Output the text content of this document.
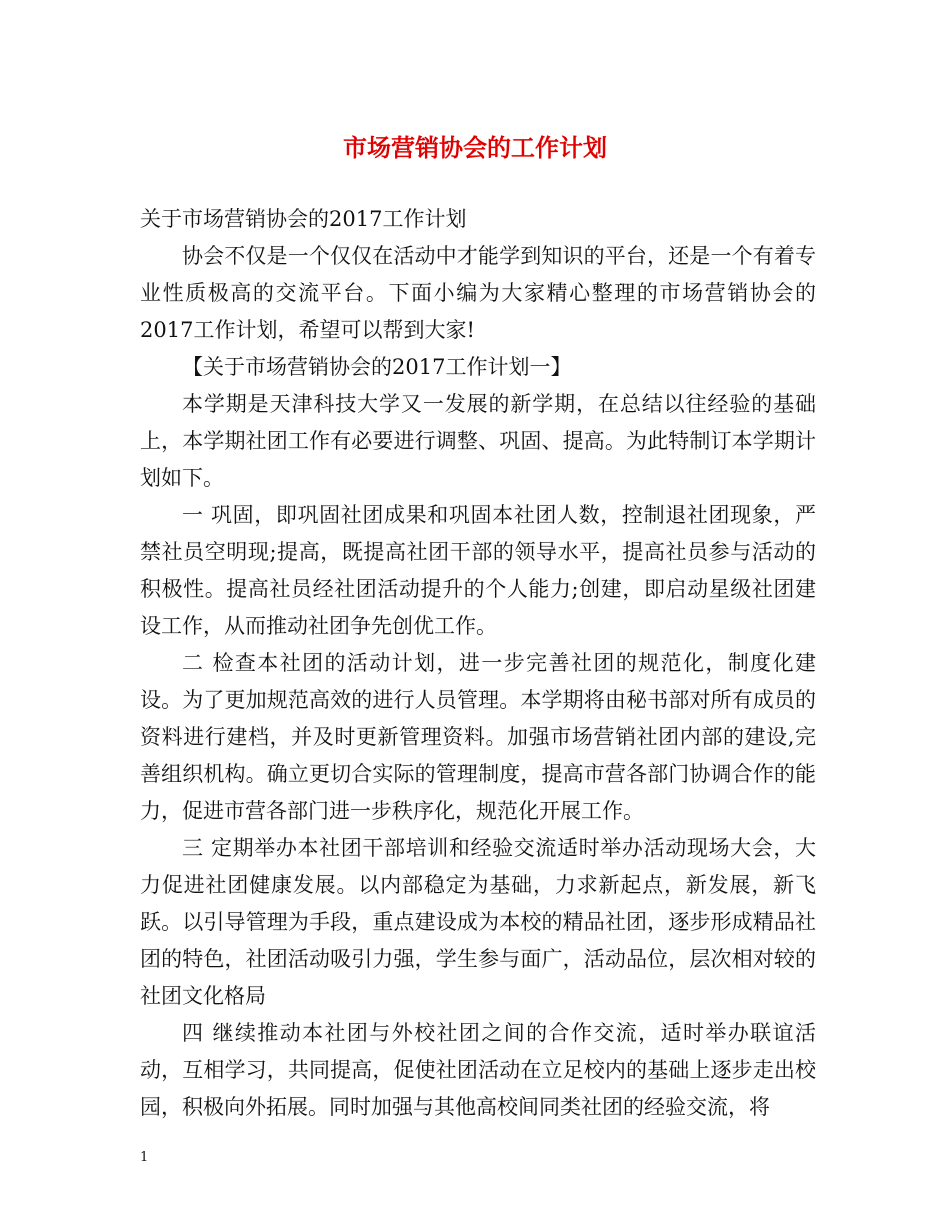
市场营销协会的工作计划

关于市场营销协会的2017工作计划

协会不仅是一个仅仅在活动中才能学到知识的平台，还是一个有着专业性质极高的交流平台。下面小编为大家精心整理的市场营销协会的2017工作计划，希望可以帮到大家!

【关于市场营销协会的2017工作计划一】

本学期是天津科技大学又一发展的新学期，在总结以往经验的基础上，本学期社团工作有必要进行调整、巩固、提高。为此特制订本学期计划如下。

一 巩固，即巩固社团成果和巩固本社团人数，控制退社团现象，严禁社员空明现;提高，既提高社团干部的领导水平，提高社员参与活动的积极性。提高社员经社团活动提升的个人能力;创建，即启动星级社团建设工作，从而推动社团争先创优工作。

二 检查本社团的活动计划，进一步完善社团的规范化，制度化建设。为了更加规范高效的进行人员管理。本学期将由秘书部对所有成员的资料进行建档，并及时更新管理资料。加强市场营销社团内部的建设,完善组织机构。确立更切合实际的管理制度，提高市营各部门协调合作的能力，促进市营各部门进一步秩序化，规范化开展工作。

三 定期举办本社团干部培训和经验交流适时举办活动现场大会，大力促进社团健康发展。以内部稳定为基础，力求新起点，新发展，新飞跃。以引导管理为手段，重点建设成为本校的精品社团，逐步形成精品社团的特色，社团活动吸引力强，学生参与面广，活动品位，层次相对较的社团文化格局

四 继续推动本社团与外校社团之间的合作交流，适时举办联谊活动，互相学习，共同提高，促使社团活动在立足校内的基础上逐步走出校园，积极向外拓展。同时加强与其他高校间同类社团的经验交流，将

1
